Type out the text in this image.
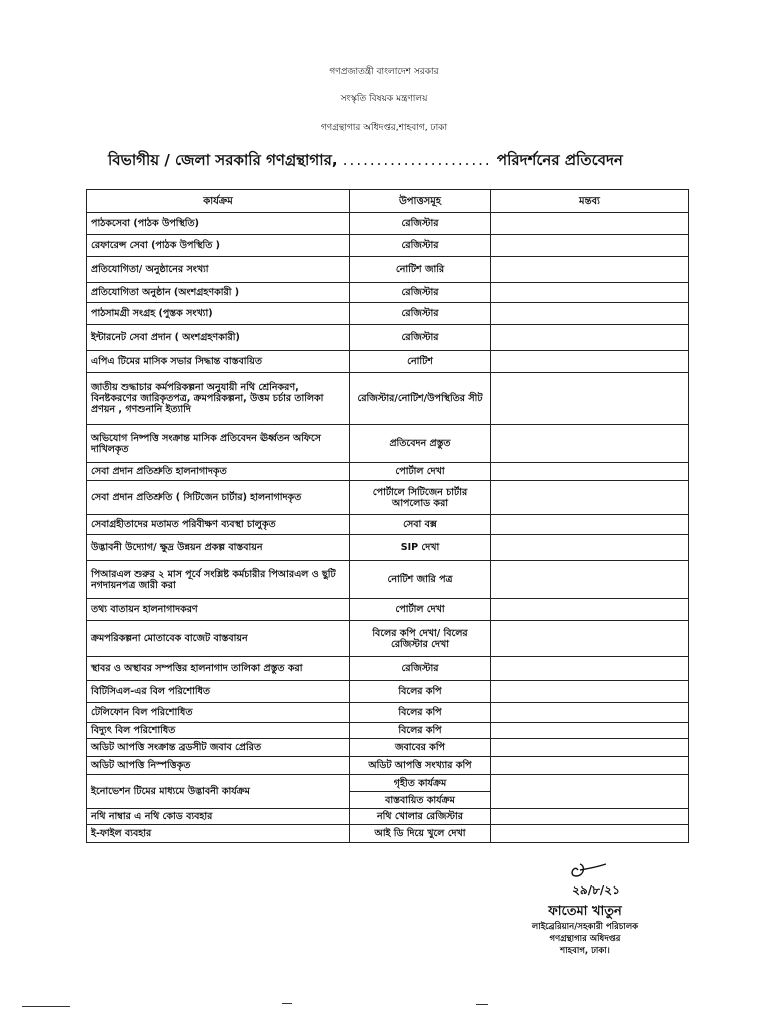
গণপ্রজাতন্ত্রী বাংলাদেশ সরকার
সংস্কৃতি বিষয়ক মন্ত্রণালয়
গণগ্রন্থাগার অধিদপ্তর,শাহবাগ, ঢাকা
বিভাগীয় / জেলা সরকারি গণগ্রন্থাগার, ...................... পরিদর্শনের প্রতিবেদন
কার্যক্রম	উপাত্তসমূহ	মন্তব্য
পাঠকসেবা (পাঠক উপস্থিতি)	রেজিস্টার	
রেফারেন্স সেবা (পাঠক উপস্থিতি )	রেজিস্টার	
প্রতিযোগিতা/ অনুষ্ঠানের সংখ্যা	নোটিশ জারি	
প্রতিযোগিতা অনুষ্ঠান (অংশগ্রহণকারী )	রেজিস্টার	
পাঠসামগ্রী সংগ্রহ (পুস্তক সংখ্যা)	রেজিস্টার	
ইন্টারনেট সেবা প্রদান ( অংশগ্রহণকারী)	রেজিস্টার	
এপিএ টিমের মাসিক সভার সিদ্ধান্ত বাস্তবায়িত	নোটিশ	
জাতীয় শুদ্ধাচার কর্মপরিকল্পনা অনুযায়ী নথি শ্রেনিকরণ, বিনষ্টকরণের জারিকৃতপত্র, ক্রমপরিকল্পনা, উত্তম চর্চার তালিকা প্রণয়ন , গণশুনানি ইত্যাদি	রেজিস্টার/নোটিশ/উপস্থিতির সীট	
অভিযোগ নিষ্পত্তি সংক্রান্ত মাসিক প্রতিবেদন ঊর্ধ্বতন অফিসে দাখিলকৃত	প্রতিবেদন প্রস্তুত	
সেবা প্রদান প্রতিশ্রুতি হালনাগাদকৃত	পোর্টাল দেখা	
সেবা প্রদান প্রতিশ্রুতি ( সিটিজেন চার্টার) হালনাগাদকৃত	পোর্টালে সিটিজেন চার্টার আপলোড করা	
সেবাগ্রহীতাদের মতামত পরিবীক্ষণ ব্যবস্থা চালুকৃত	সেবা বক্স	
উদ্ভাবনী উদ্যোগ/ ক্ষুদ্র উন্নয়ন প্রকল্প বাস্তবায়ন	SIP দেখা	
পিআরএল শুরুর ২ মাস পূর্বে সংশ্লিষ্ট কর্মচারীর পিআরএল ও ছুটি নগদায়নপত্র জারী করা	নোটিশ জারি পত্র	
তথ্য বাতায়ন হালনাগাদকরণ	পোর্টাল দেখা	
ক্রমপরিকল্পনা মোতাবেক বাজেট বাস্তবায়ন	বিলের কপি দেখা/ বিলের রেজিস্টার দেখা	
স্থাবর ও অস্থাবর সম্পত্তির হালনাগাদ তালিকা প্রস্তুত করা	রেজিস্টার	
বিটিসিএল-এর বিল পরিশোধিত	বিলের কপি	
টেলিফোন বিল পরিশোধিত	বিলের কপি	
বিদ্যুৎ বিল পরিশোধিত	বিলের কপি	
অডিট আপত্তি সংক্রান্ত ব্রডসীট জবাব প্রেরিত	জবাবের কপি	
অডিট আপত্তি নিস্পত্তিকৃত	অডিট আপত্তি সংখ্যার কপি	
ইনোভেশন টিমের মাধ্যমে উদ্ভাবনী কার্যক্রম	গৃহীত কার্যক্রম	
	বাস্তবায়িত কার্যক্রম	
নথি নাম্বার এ নথি কোড ব্যবহার	নথি খোলার রেজিস্টার	
ই-ফাইল ব্যবহার	আই ডি দিয়ে খুলে দেখা	
২৯/৮/২১
ফাতেমা খাতুন
লাইব্রেরিয়ান/সহকারী পরিচালক
গণগ্রন্থাগার অধিদপ্তর
শাহবাগ, ঢাকা।
